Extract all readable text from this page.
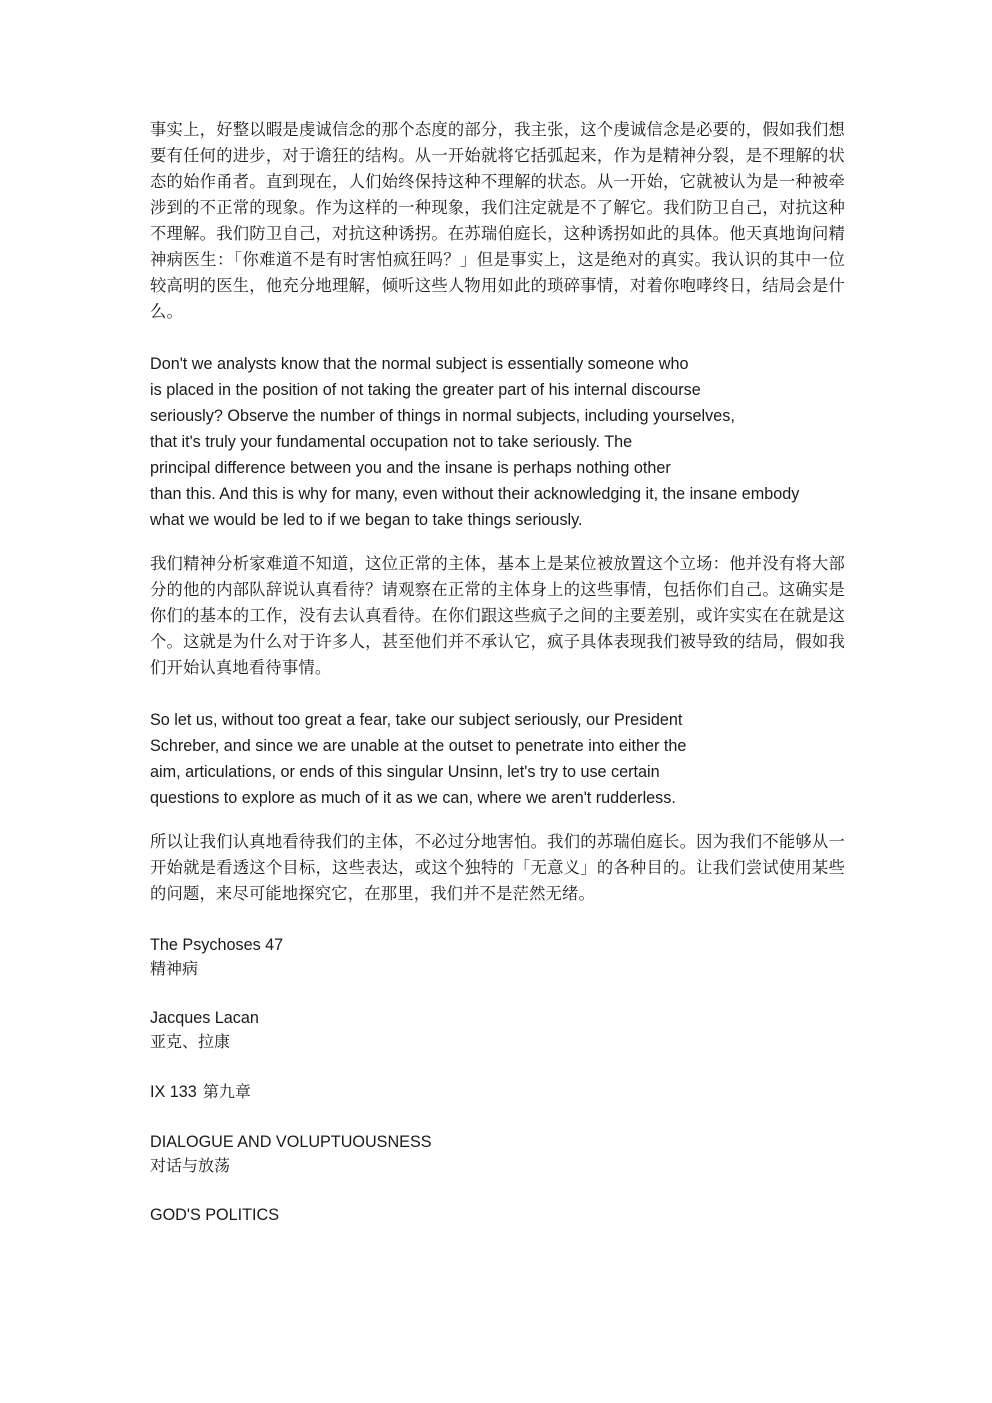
事实上，好整以暇是虔诚信念的那个态度的部分，我主张，这个虔诚信念是必要的，假如我们想要有任何的进步，对于谵狂的结构。从一开始就将它括弧起来，作为是精神分裂，是不理解的状态的始作甬者。直到现在，人们始终保持这种不理解的状态。从一开始，它就被认为是一种被牵涉到的不正常的现象。作为这样的一种现象，我们注定就是不了解它。我们防卫自己，对抗这种不理解。我们防卫自己，对抗这种诱拐。在苏瑞伯庭长，这种诱拐如此的具体。他天真地询问精神病医生：「你难道不是有时害怕疯狂吗？」但是事实上，这是绝对的真实。我认识的其中一位较高明的医生，他充分地理解，倾听这些人物用如此的琐碎事情，对着你咆哮终日，结局会是什么。

Don't we analysts know that the normal subject is essentially someone who
is placed in the position of not taking the greater part of his internal discourse
seriously? Observe the number of things in normal subjects, including yourselves,
that it's truly your fundamental occupation not to take seriously. The
principal difference between you and the insane is perhaps nothing other
than this. And this is why for many, even without their acknowledging it, the insane embody
what we would be led to if we began to take things seriously.

我们精神分析家难道不知道，这位正常的主体，基本上是某位被放置这个立场：他并没有将大部分的他的内部队辞说认真看待？请观察在正常的主体身上的这些事情，包括你们自己。这确实是你们的基本的工作，没有去认真看待。在你们跟这些疯子之间的主要差别，或许实实在在就是这个。这就是为什么对于许多人，甚至他们并不承认它，疯子具体表现我们被导致的结局，假如我们开始认真地看待事情。

So let us, without too great a fear, take our subject seriously, our President
Schreber, and since we are unable at the outset to penetrate into either the
aim, articulations, or ends of this singular Unsinn, let's try to use certain
questions to explore as much of it as we can, where we aren't rudderless.

所以让我们认真地看待我们的主体，不必过分地害怕。我们的苏瑞伯庭长。因为我们不能够从一开始就是看透这个目标，这些表达，或这个独特的「无意义」的各种目的。让我们尝试使用某些的问题，来尽可能地探究它，在那里，我们并不是茫然无绪。

The Psychoses 47
精神病
Jacques Lacan
亚克、拉康
IX 133 第九章
DIALOGUE AND VOLUPTUOUSNESS
对话与放荡
GOD'S POLITICS
